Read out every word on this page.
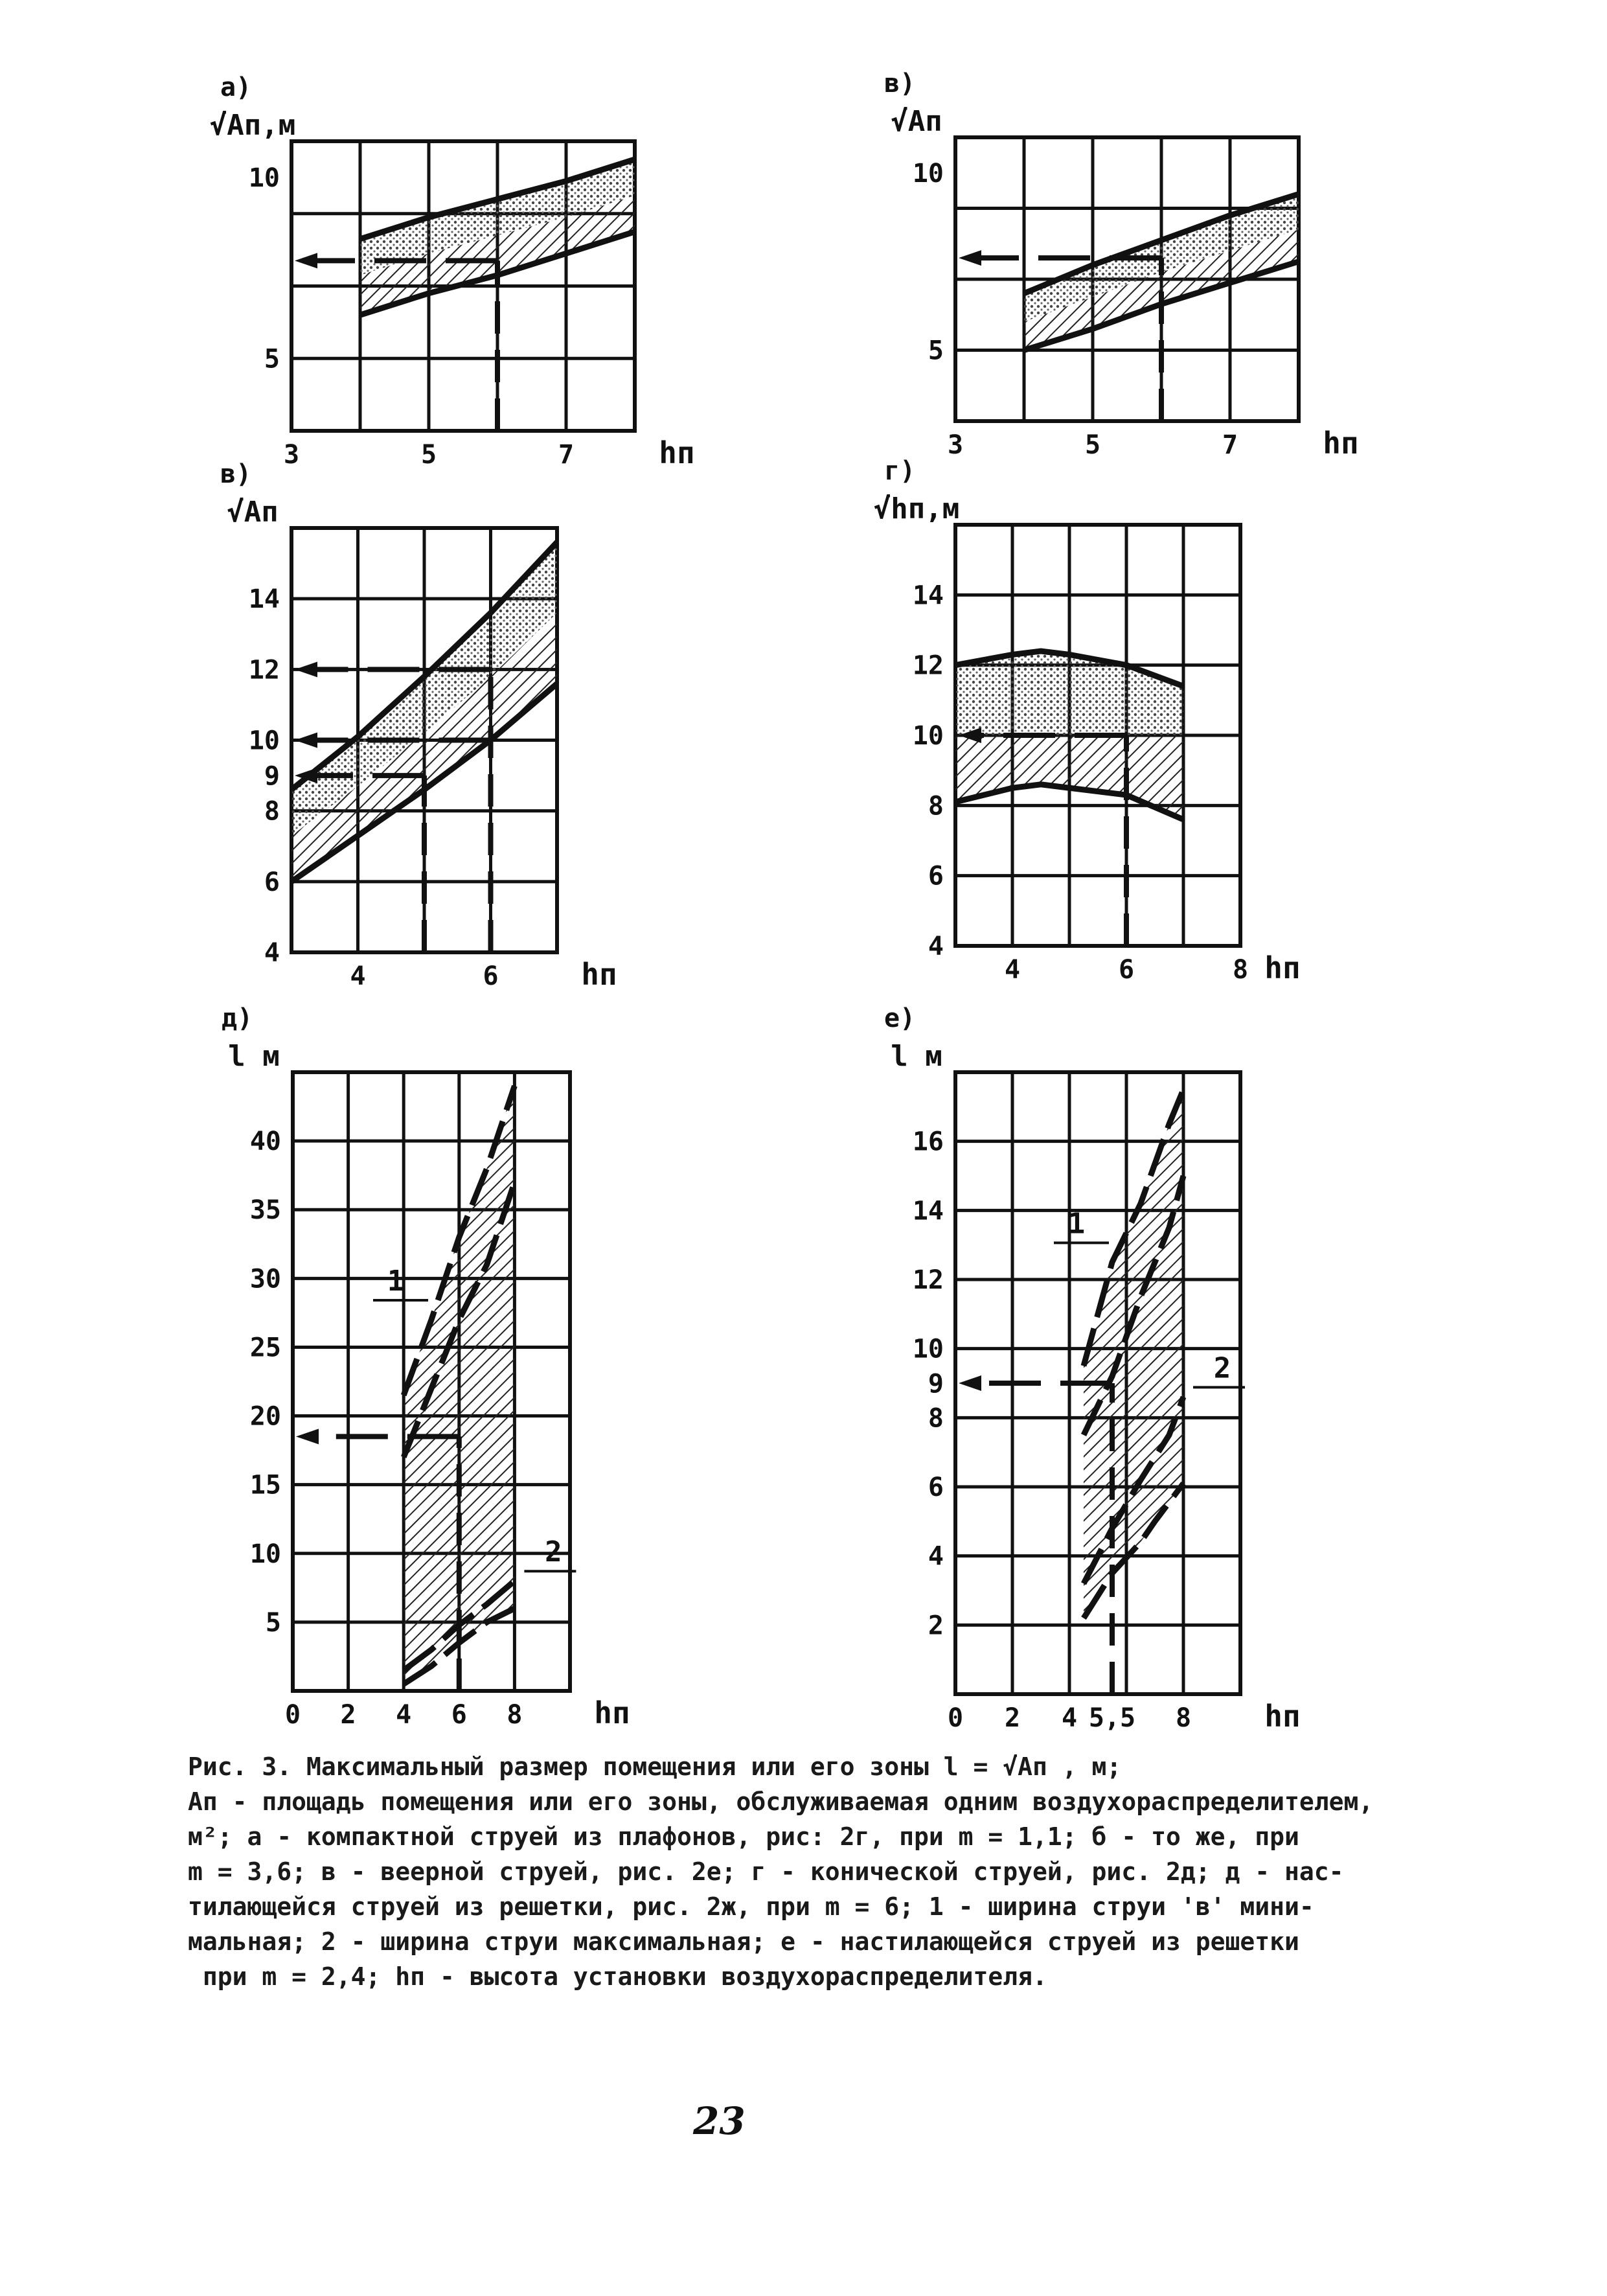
3	5	7
5
10
hп
√Aп,м
а)
3	5	7
5
10
hп
√Aп
в)
4	6
4
6
8
9
10
12
14
hп
√Aп
в)
4	6	8
4
6
8
10
12
14
hп
√hп,м
г)
1
2
0 2 4 6 8
5
10
15
20
25
30
35
40
hп
l м
д)
1
2
0 2 4 5,5 8
2
4
6
8
9
10
12
14
16
hп
l м
е)
Рис. 3. Максимальный размер помещения или его зоны l = √Aп , м;
Aп - площадь помещения или его зоны, обслуживаемая одним воздухораспределителем,
м²; а - компактной струей из плафонов, рис: 2г, при m = 1,1; б - то же, при
m = 3,6; в - веерной струей, рис. 2е; г - конической струей, рис. 2д; д - нас-
тилающейся струей из решетки, рис. 2ж, при m = 6; 1 - ширина струи 'в' мини-
мальная; 2 - ширина струи максимальная; е - настилающейся струей из решетки
при m = 2,4; hп - высота установки воздухораспределителя.
23
